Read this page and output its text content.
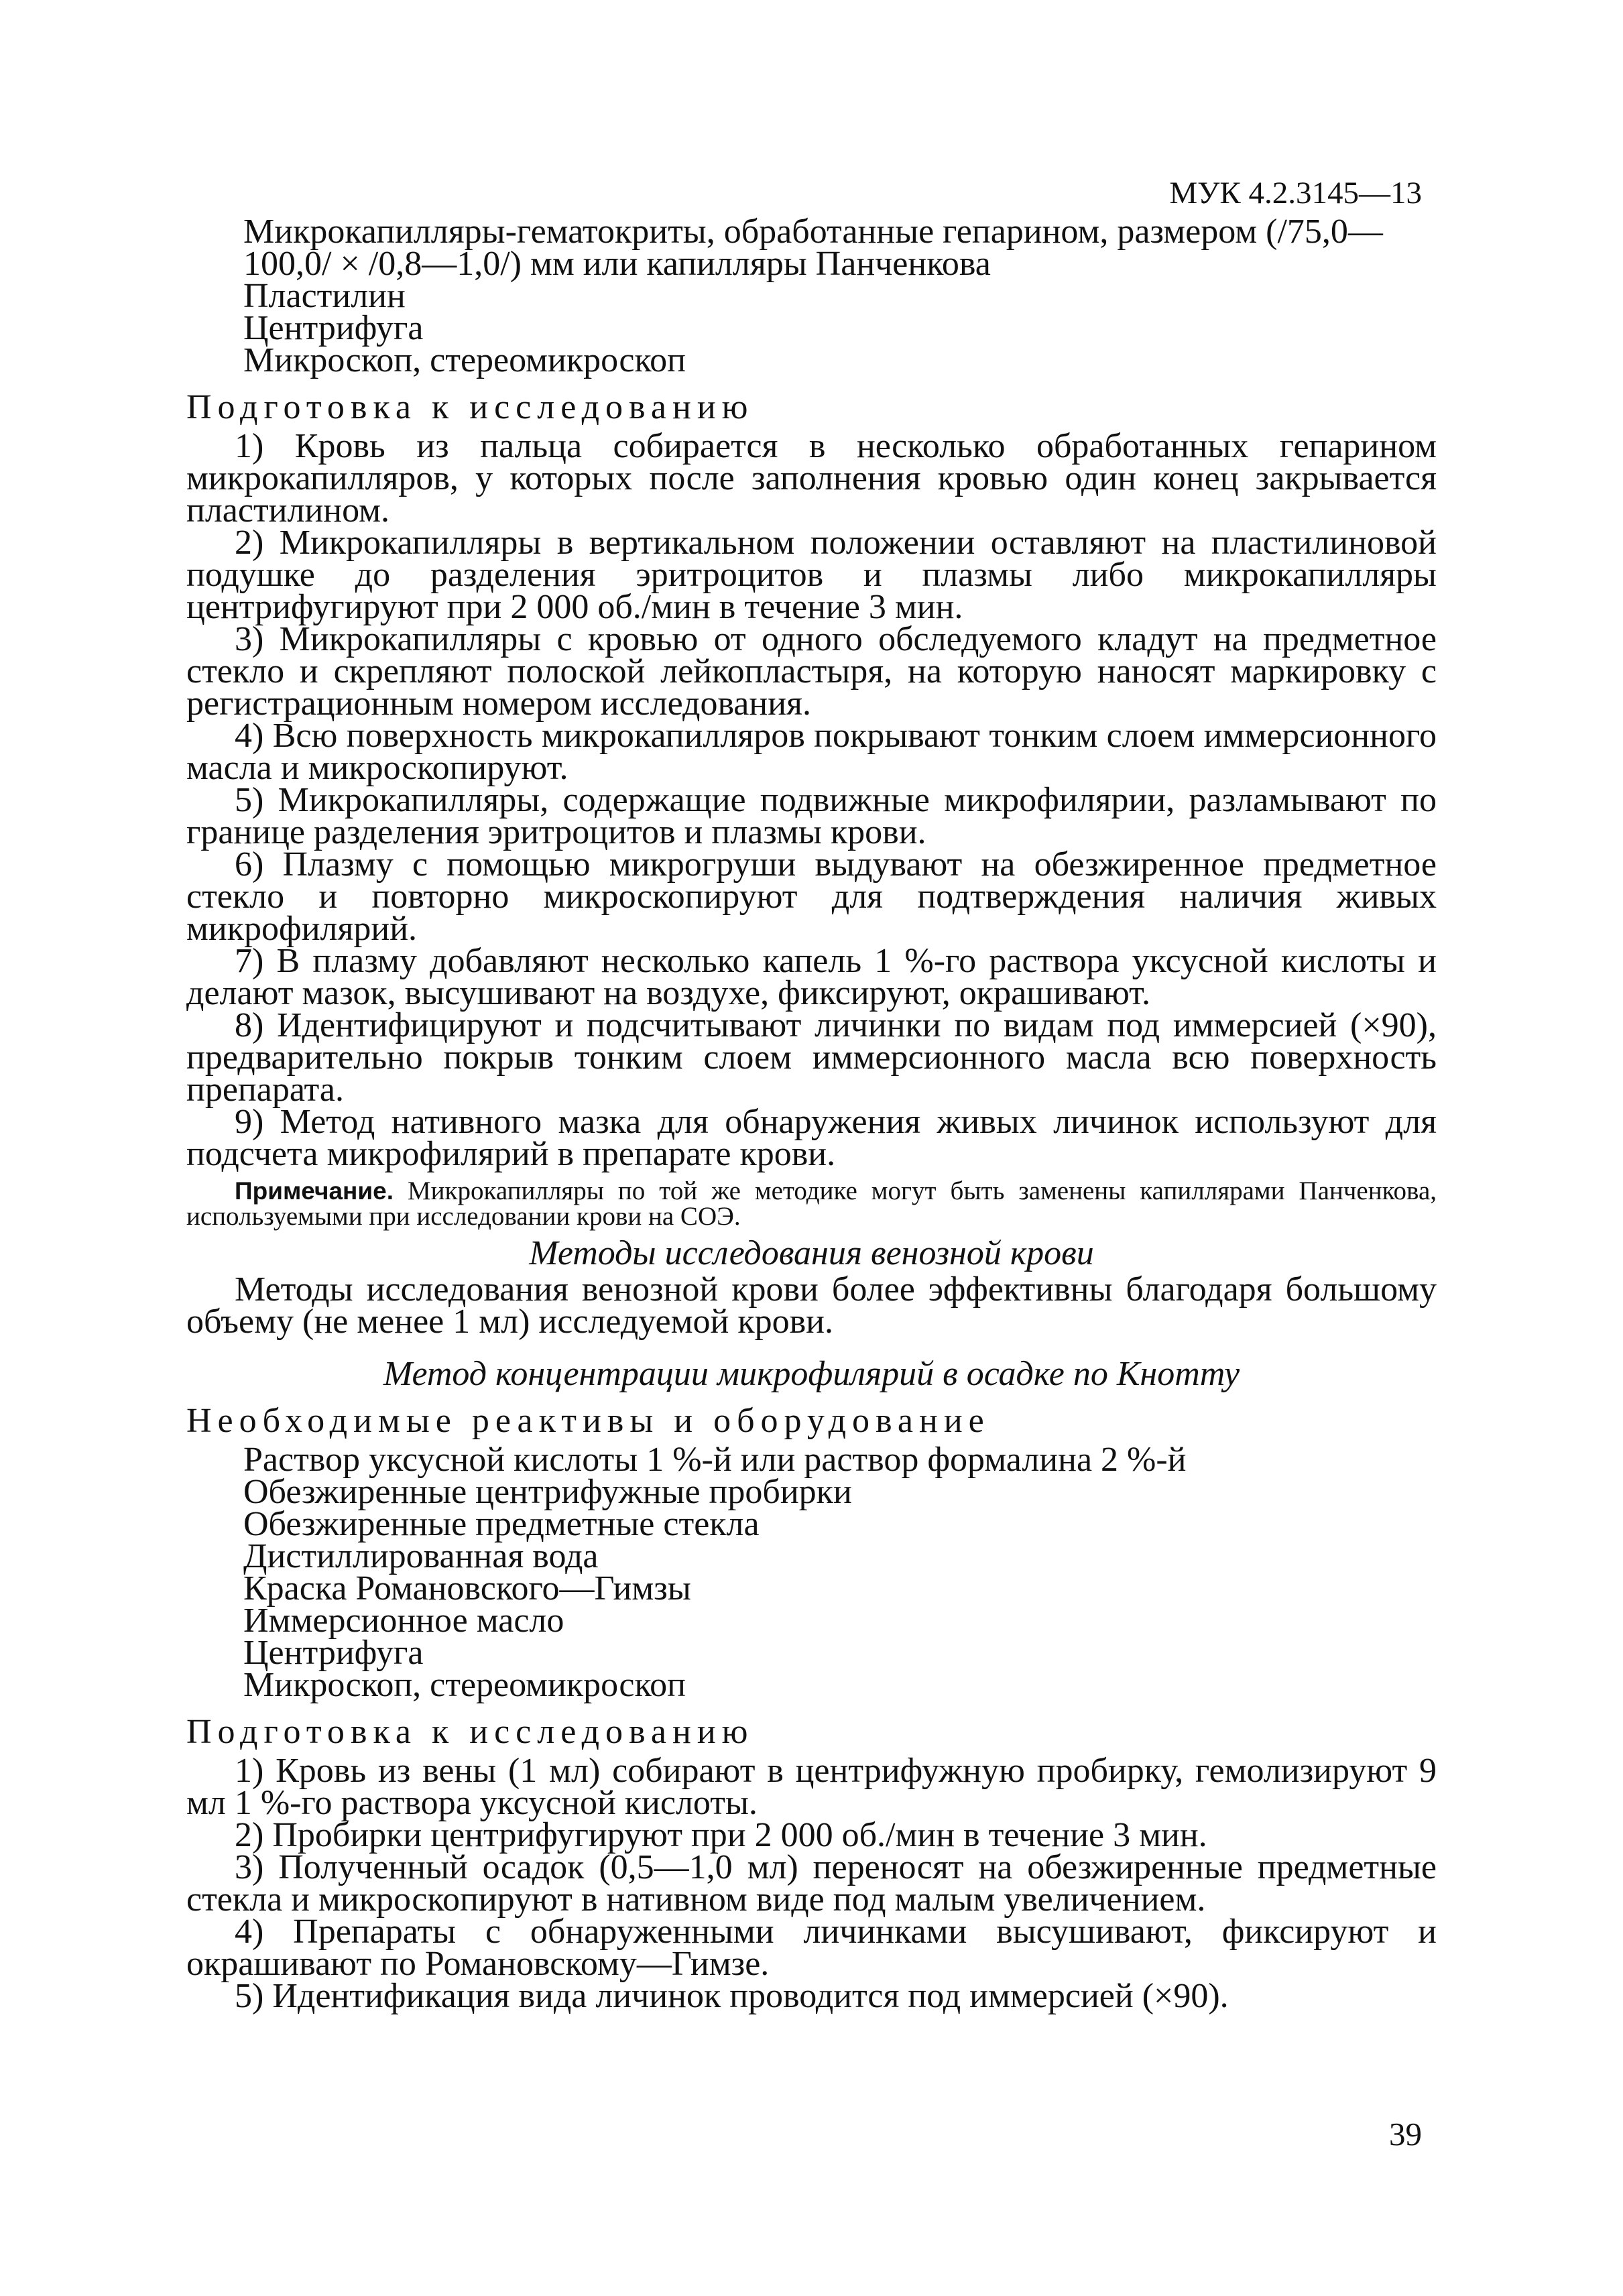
МУК 4.2.3145—13

Микрокапилляры-гематокриты, обработанные гепарином, размером (/75,0—

100,0/ × /0,8—1,0/) мм или капилляры Панченкова

Пластилин

Центрифуга

Микроскоп, стереомикроскоп

Подготовка к исследованию

1) Кровь из пальца собирается в несколько обработанных гепарином микрокапилляров, у которых после заполнения кровью один конец закрывается пластилином.

2) Микрокапилляры в вертикальном положении оставляют на пластилиновой подушке до разделения эритроцитов и плазмы либо микрокапилляры центрифугируют при 2 000 об./мин в течение 3 мин.

3) Микрокапилляры с кровью от одного обследуемого кладут на предметное стекло и скрепляют полоской лейкопластыря, на которую наносят маркировку с регистрационным номером исследования.

4) Всю поверхность микрокапилляров покрывают тонким слоем иммерсионного масла и микроскопируют.

5) Микрокапилляры, содержащие подвижные микрофилярии, разламывают по границе разделения эритроцитов и плазмы крови.

6) Плазму с помощью микрогруши выдувают на обезжиренное предметное стекло и повторно микроскопируют для подтверждения наличия живых микрофилярий.

7) В плазму добавляют несколько капель 1 %-го раствора уксусной кислоты и делают мазок, высушивают на воздухе, фиксируют, окрашивают.

8) Идентифицируют и подсчитывают личинки по видам под иммерсией (×90), предварительно покрыв тонким слоем иммерсионного масла всю поверхность препарата.

9) Метод нативного мазка для обнаружения живых личинок используют для подсчета микрофилярий в препарате крови.

Примечание. Микрокапилляры по той же методике могут быть заменены капиллярами Панченкова, используемыми при исследовании крови на СОЭ.

Методы исследования венозной крови

Методы исследования венозной крови более эффективны благодаря большому объему (не менее 1 мл) исследуемой крови.

Метод концентрации микрофилярий в осадке по Кнотту

Необходимые реактивы и оборудование

Раствор уксусной кислоты 1 %-й или раствор формалина 2 %-й

Обезжиренные центрифужные пробирки

Обезжиренные предметные стекла

Дистиллированная вода

Краска Романовского—Гимзы

Иммерсионное масло

Центрифуга

Микроскоп, стереомикроскоп

Подготовка к исследованию

1) Кровь из вены (1 мл) собирают в центрифужную пробирку, гемолизируют 9 мл 1 %-го раствора уксусной кислоты.

2) Пробирки центрифугируют при 2 000 об./мин в течение 3 мин.

3) Полученный осадок (0,5—1,0 мл) переносят на обезжиренные предметные стекла и микроскопируют в нативном виде под малым увеличением.

4) Препараты с обнаруженными личинками высушивают, фиксируют и окрашивают по Романовскому—Гимзе.

5) Идентификация вида личинок проводится под иммерсией (×90).

39
